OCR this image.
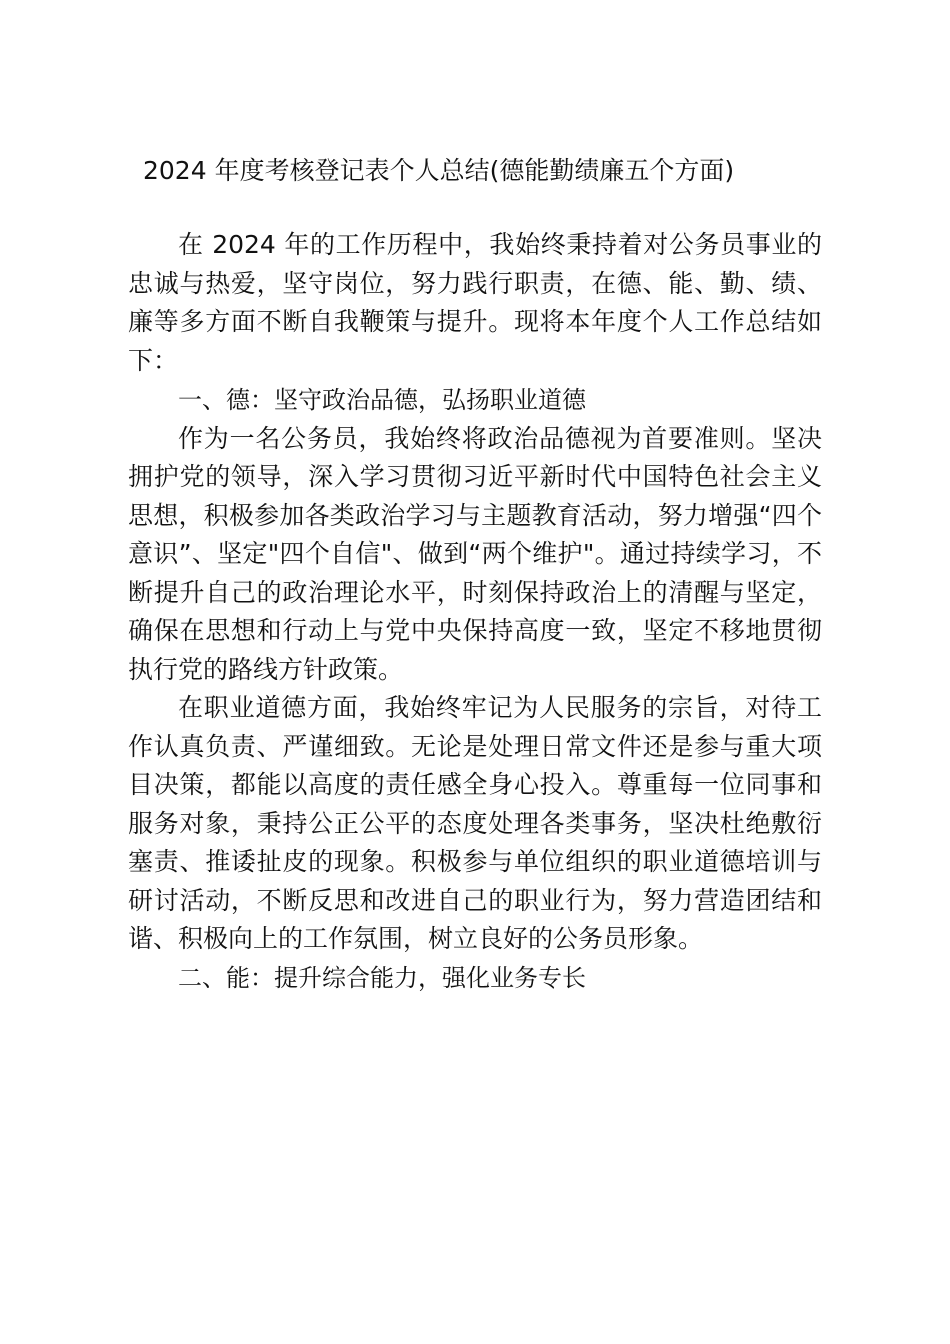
2024 年度考核登记表个人总结(德能勤绩廉五个方面)

在 2024 年的工作历程中，我始终秉持着对公务员事业的忠诚与热爱，坚守岗位，努力践行职责，在德、能、勤、绩、廉等多方面不断自我鞭策与提升。现将本年度个人工作总结如下：

一、德：坚守政治品德，弘扬职业道德

作为一名公务员，我始终将政治品德视为首要准则。坚决拥护党的领导，深入学习贯彻习近平新时代中国特色社会主义思想，积极参加各类政治学习与主题教育活动，努力增强“四个意识”、坚定"四个自信"、做到“两个维护"。通过持续学习，不断提升自己的政治理论水平，时刻保持政治上的清醒与坚定，确保在思想和行动上与党中央保持高度一致，坚定不移地贯彻执行党的路线方针政策。

在职业道德方面，我始终牢记为人民服务的宗旨，对待工作认真负责、严谨细致。无论是处理日常文件还是参与重大项目决策，都能以高度的责任感全身心投入。尊重每一位同事和服务对象，秉持公正公平的态度处理各类事务，坚决杜绝敷衍塞责、推诿扯皮的现象。积极参与单位组织的职业道德培训与研讨活动，不断反思和改进自己的职业行为，努力营造团结和谐、积极向上的工作氛围，树立良好的公务员形象。

二、能：提升综合能力，强化业务专长
